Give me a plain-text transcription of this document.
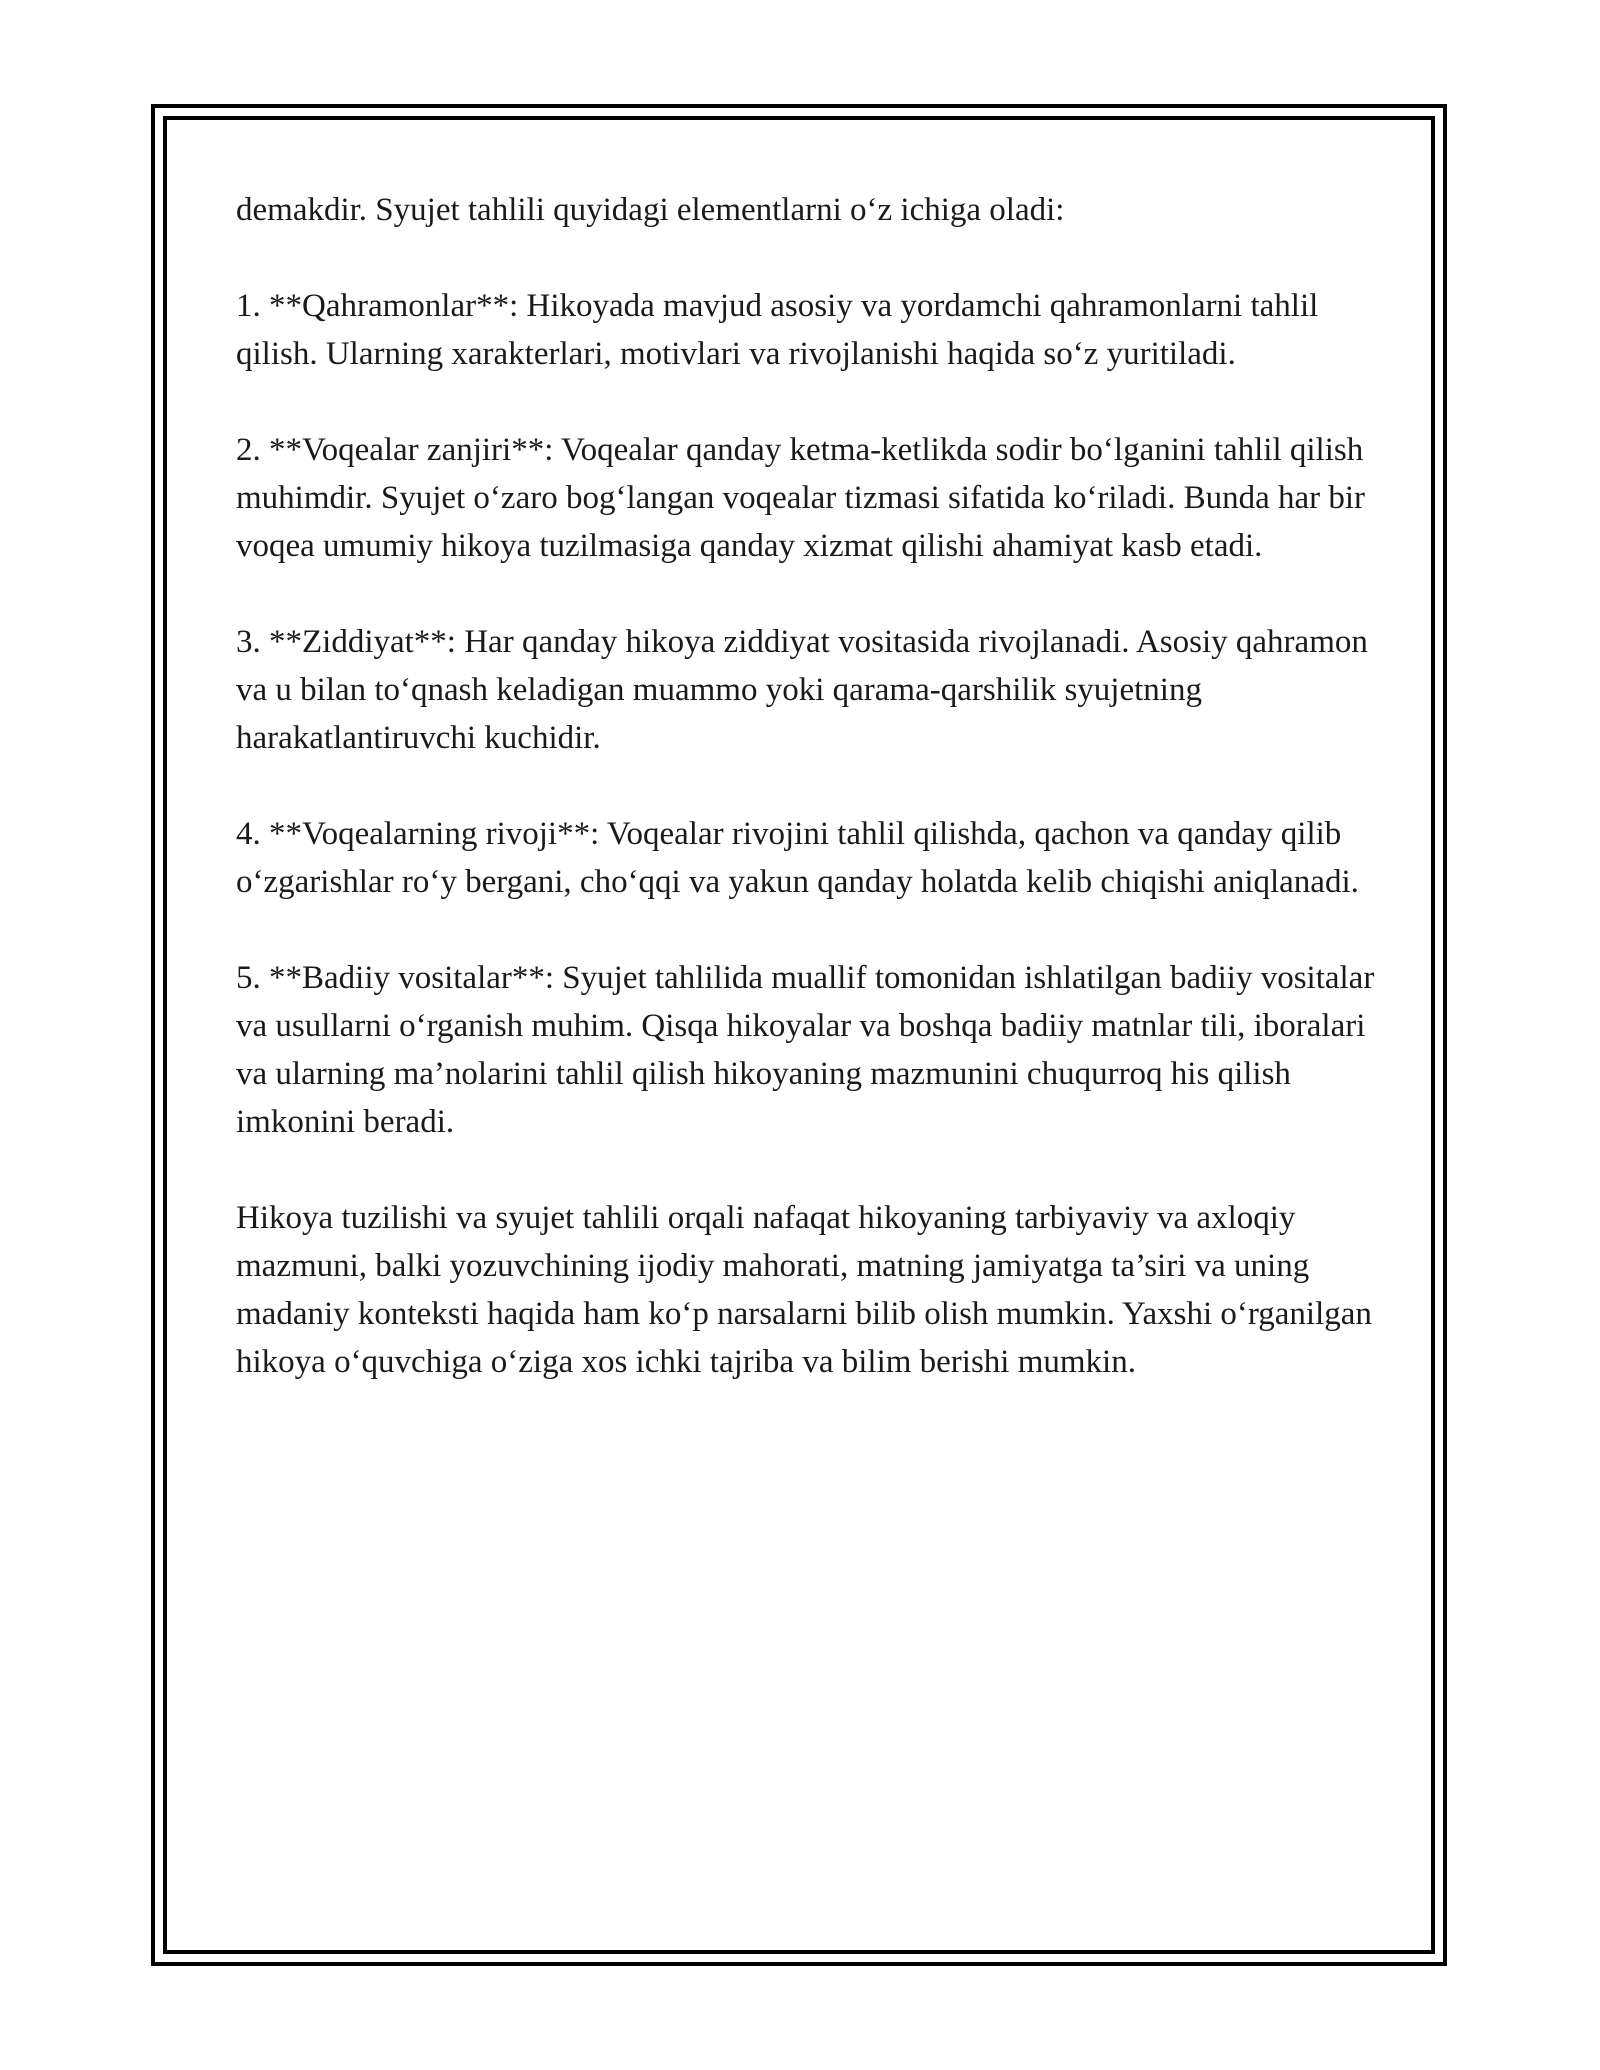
demakdir. Syujet tahlili quyidagi elementlarni o‘z ichiga oladi:

1. **Qahramonlar**: Hikoyada mavjud asosiy va yordamchi qahramonlarni tahlil qilish. Ularning xarakterlari, motivlari va rivojlanishi haqida so‘z yuritiladi.

2. **Voqealar zanjiri**: Voqealar qanday ketma-ketlikda sodir bo‘lganini tahlil qilish muhimdir. Syujet o‘zaro bog‘langan voqealar tizmasi sifatida ko‘riladi. Bunda har bir voqea umumiy hikoya tuzilmasiga qanday xizmat qilishi ahamiyat kasb etadi.

3. **Ziddiyat**: Har qanday hikoya ziddiyat vositasida rivojlanadi. Asosiy qahramon va u bilan to‘qnash keladigan muammo yoki qarama-qarshilik syujetning harakatlantiruvchi kuchidir.

4. **Voqealarning rivoji**: Voqealar rivojini tahlil qilishda, qachon va qanday qilib o‘zgarishlar ro‘y bergani, cho‘qqi va yakun qanday holatda kelib chiqishi aniqlanadi.

5. **Badiiy vositalar**: Syujet tahlilida muallif tomonidan ishlatilgan badiiy vositalar va usullarni o‘rganish muhim. Qisqa hikoyalar va boshqa badiiy matnlar tili, iboralari va ularning ma’nolarini tahlil qilish hikoyaning mazmunini chuqurroq his qilish imkonini beradi.

Hikoya tuzilishi va syujet tahlili orqali nafaqat hikoyaning tarbiyaviy va axloqiy mazmuni, balki yozuvchining ijodiy mahorati, matning jamiyatga ta’siri va uning madaniy konteksti haqida ham ko‘p narsalarni bilib olish mumkin. Yaxshi o‘rganilgan hikoya o‘quvchiga o‘ziga xos ichki tajriba va bilim berishi mumkin.
